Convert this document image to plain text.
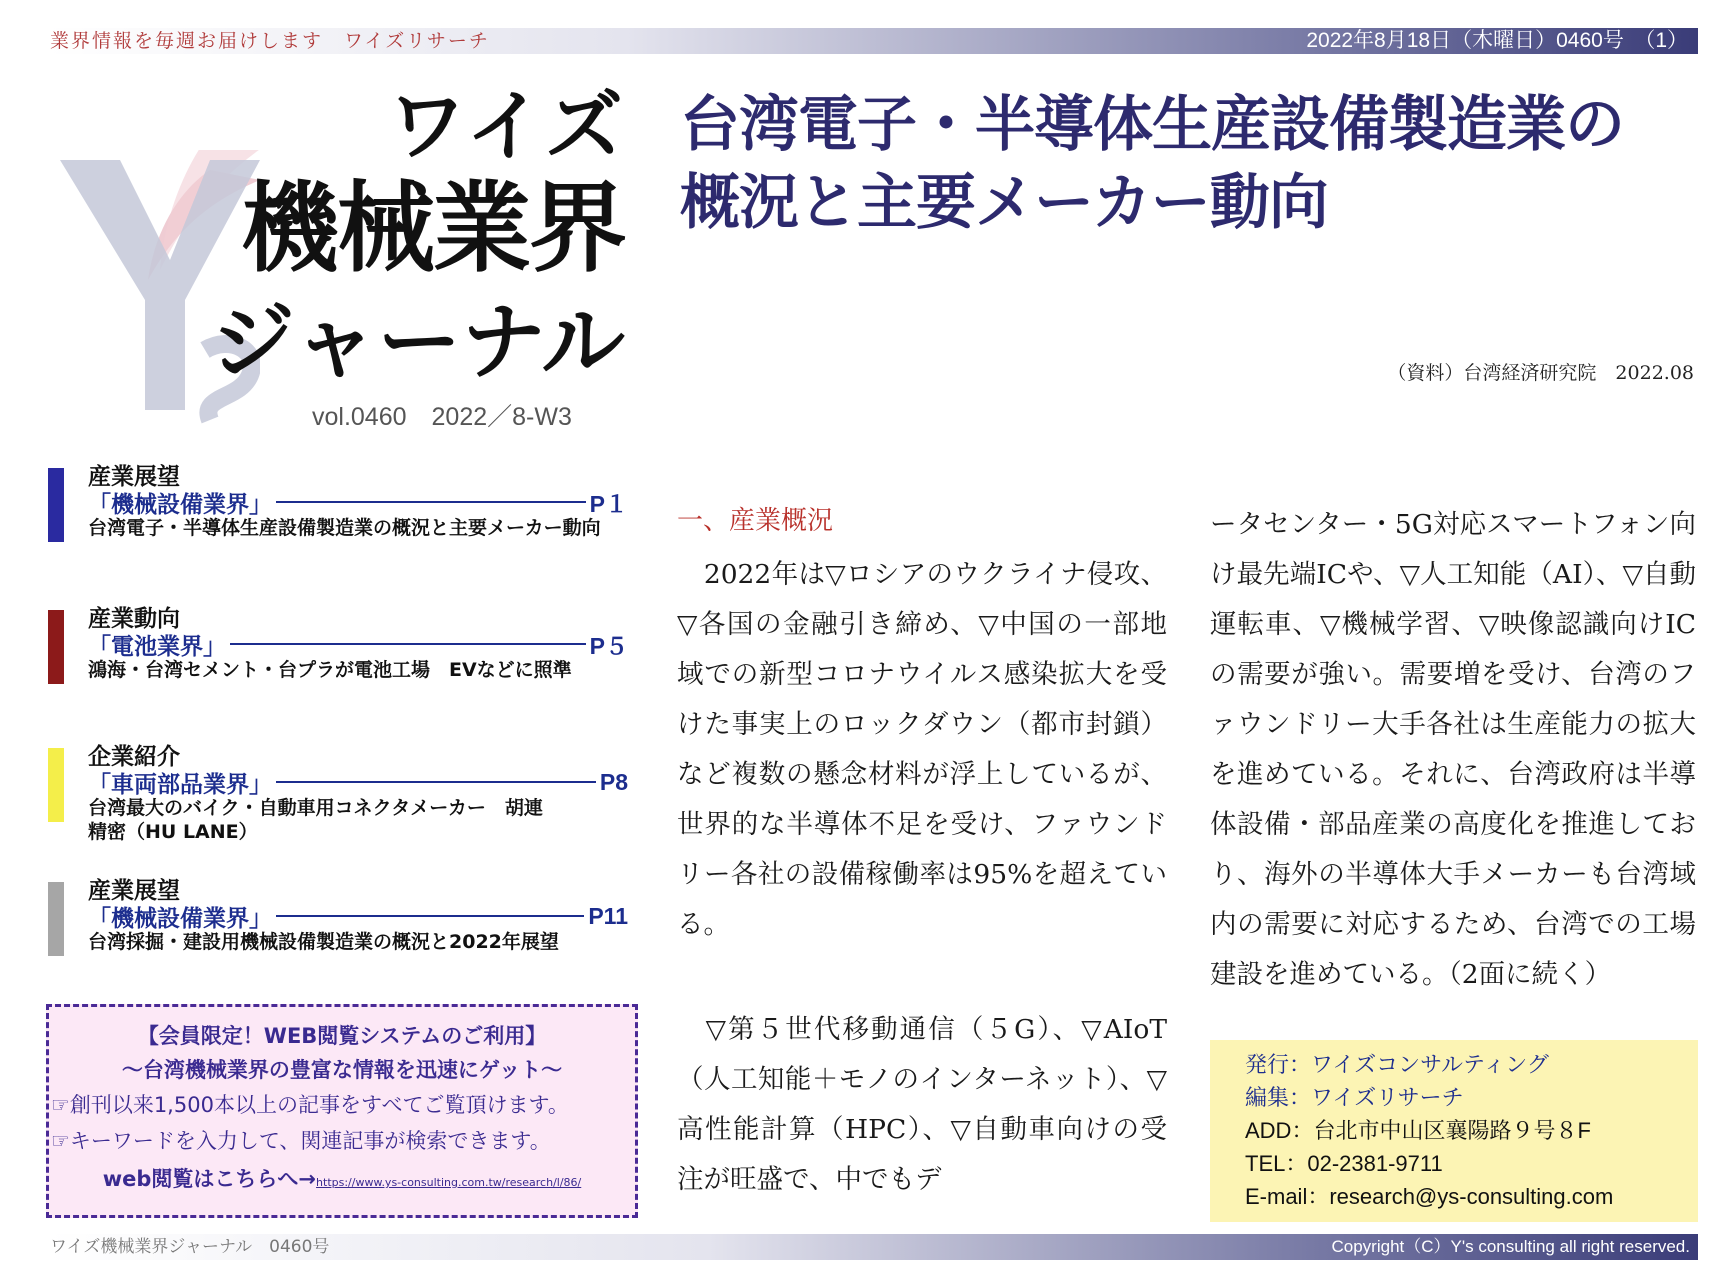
業界情報を毎週お届けします　ワイズリサーチ	2022年8月18日（木曜日）0460号　（1）
ワイズ
機械業界
ジャーナル
vol.0460　2022／8-W3
台湾電子・半導体生産設備製造業の
概況と主要メーカー動向
（資料）台湾経済研究院　2022.08
産業展望
「機械設備業界」	P１
台湾電子・半導体生産設備製造業の概況と主要メーカー動向
産業動向
「電池業界」	P５
鴻海・台湾セメント・台プラが電池工場　EVなどに照準
企業紹介
「車両部品業界」	P8
台湾最大のバイク・自動車用コネクタメーカー　胡連精密（HU LANE）
産業展望
「機械設備業界」	P11
台湾採掘・建設用機械設備製造業の概況と2022年展望
【会員限定！WEB閲覧システムのご利用】
～台湾機械業界の豊富な情報を迅速にゲット～
☞創刊以来1,500本以上の記事をすべてご覧頂けます。
☞キーワードを入力して、関連記事が検索できます。
web閲覧はこちらへ→https://www.ys-consulting.com.tw/research/l/86/
一、産業概況

　2022年は▽ロシアのウクライナ侵攻、▽各国の金融引き締め、▽中国の一部地域での新型コロナウイルス感染拡大を受けた事実上のロックダウン（都市封鎖）など複数の懸念材料が浮上しているが、世界的な半導体不足を受け、ファウンドリー各社の設備稼働率は95%を超えている。

　▽第５世代移動通信（５G）、▽AIoT（人工知能＋モノのインターネット）、▽高性能計算（HPC）、▽自動車向けの受注が旺盛で、中でもデ

ータセンター・5G対応スマートフォン向け最先端ICや、▽人工知能（AI）、▽自動運転車、▽機械学習、▽映像認識向けICの需要が強い。需要増を受け、台湾のファウンドリー大手各社は生産能力の拡大を進めている。それに、台湾政府は半導体設備・部品産業の高度化を推進しており、海外の半導体大手メーカーも台湾域内の需要に対応するため、台湾での工場建設を進めている。（2面に続く）

発行：ワイズコンサルティング
編集：ワイズリサーチ
ADD：台北市中山区襄陽路９号８F
TEL：02-2381-9711
E-mail：research@ys-consulting.com
ワイズ機械業界ジャーナル　0460号	Copyright（C）Y's consulting all right reserved.
